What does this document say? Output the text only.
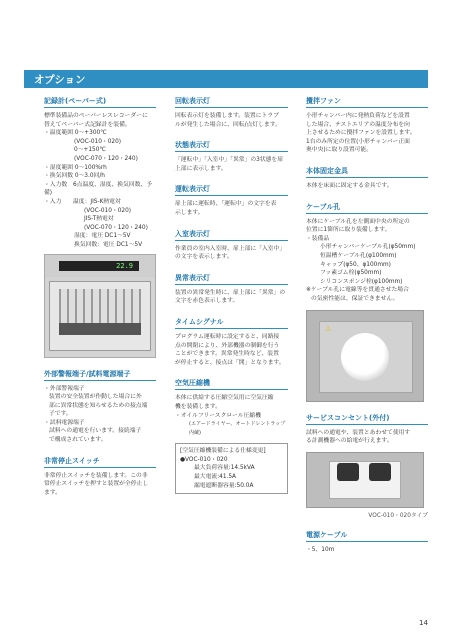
オプション
記録計(ペーパー式)
標準装備品のペーパーレスレコーダーに
替えてペーパー式記録計を装備。
・温度範囲 0～+300℃
(VOC-010・020)
0～+150℃
(VOC-070・120・240)
・湿度範囲 0～100%rh
・换気回数 0～3.0回/h
・入力数　6点温度、湿度、换気回数、予備)
・入力　　温度：JIS-K熱電対
(VOC-010・020)
JIS-T熱電対
(VOC-070・120・240)
湿度：電圧 DC1～5V
换気回数：電圧 DC1～5V
22.9
外部警報端子/試料電源端子
・外部警報端子
装置の安全装置が作動した場合に外
部に異常状態を知らせるための接点端
子です。
・試料電源端子
試料への通電を行います。接続端子
で構成されています。
非常停止スイッチ
非常停止スイッチを装備します。この非
常停止スイッチを押すと装置が全停止し
ます。
回転表示灯
回転表示灯を装備します。装置にトラブ
ルが発生した場合に、回転/点灯します。
状態表示灯
「運転中」「入室中」「異常」の3状態を扉
上部に表示します。
運転表示灯
扉上部に運転時、「運転中」の文字を表
示します。
入室表示灯
作業員の室内入室時、扉上部に「入室中」
の文字を表示します。
異常表示灯
装置の異常発生時に、扉上部に「異常」の
文字を赤色表示します。
タイムシグナル
プログラム運転時に設定すると、同路接
点の開閉により、外部機器の制御を行う
ことができます。異常発生時など、装置
が停止すると、接点は「開」となります。
空気圧縮機
本体に供給する圧縮空気用に空気圧縮
機を装備します。
・オイルフリースクロール圧縮機
(エアードライヤー、オートドレントラップ内蔵)
[空気圧縮機装備による仕様変更]
●VOC-010・020
最大負荷容量:14.5kVA
最大電流:41.5A
漏電遮断器容量:50.0A
攪拌ファン
小形チャンバー内に発熱負荷などを設置
した場合、テストエリアの温度分布を向
上させるために攪拌ファンを設置します。
1台のみ所定の位置(小形チャンバー正面
奥中央)に取り設置可能。
本体固定金具
本体を床面に固定する金具です。
ケーブル孔
本体にケーブル孔を左側面中央の所定の
位置に1箇所に取り装備します。
・装備品
小形チャンバーケーブル孔(φ50mm)
恒温槽ケーブル孔(φ100mm)
キャップ(φ50、φ100mm)
フッ素ゴム栓(φ50mm)
シリコンスポンジ栓(φ100mm)
※ケーブル孔に電線等を貫通させた場合
の気密性能は、保証できません。
⚠
サービスコンセント(外付)
試料への通電や、装置とあわせて使用す
る計測機器への給電が行えます。
VOC-010・020タイプ
電源ケーブル
・5、10m
14
